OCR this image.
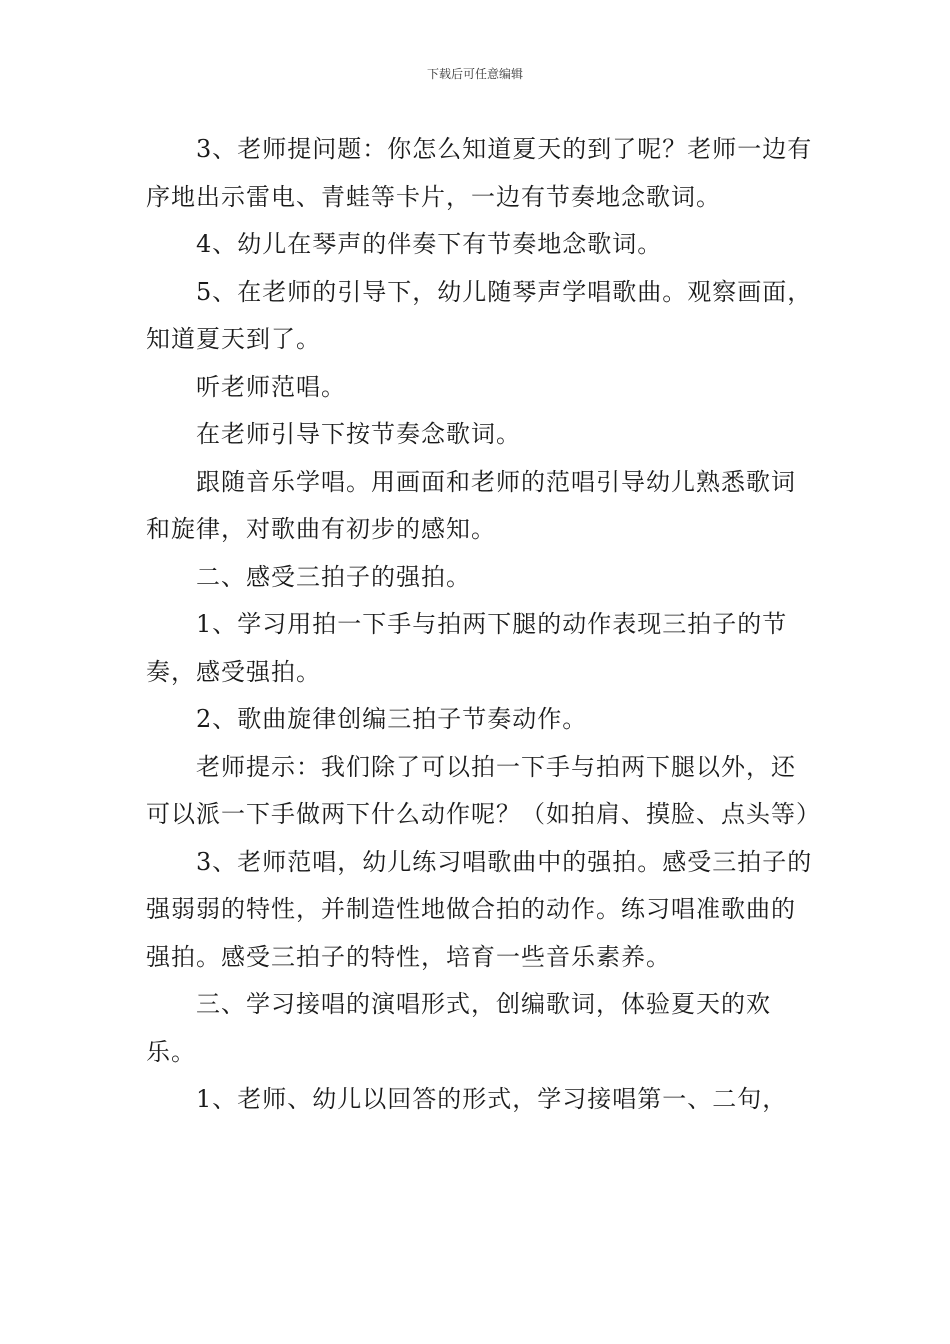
下载后可任意编辑

3、老师提问题：你怎么知道夏天的到了呢？老师一边有序地出示雷电、青蛙等卡片，一边有节奏地念歌词。

4、幼儿在琴声的伴奏下有节奏地念歌词。

5、在老师的引导下，幼儿随琴声学唱歌曲。观察画面，知道夏天到了。

听老师范唱。

在老师引导下按节奏念歌词。

跟随音乐学唱。用画面和老师的范唱引导幼儿熟悉歌词和旋律，对歌曲有初步的感知。

二、感受三拍子的强拍。

1、学习用拍一下手与拍两下腿的动作表现三拍子的节奏，感受强拍。

2、歌曲旋律创编三拍子节奏动作。

老师提示：我们除了可以拍一下手与拍两下腿以外，还可以派一下手做两下什么动作呢？（如拍肩、摸脸、点头等）

3、老师范唱，幼儿练习唱歌曲中的强拍。感受三拍子的强弱弱的特性，并制造性地做合拍的动作。练习唱准歌曲的强拍。感受三拍子的特性，培育一些音乐素养。

三、学习接唱的演唱形式，创编歌词，体验夏天的欢乐。

1、老师、幼儿以回答的形式，学习接唱第一、二句，
